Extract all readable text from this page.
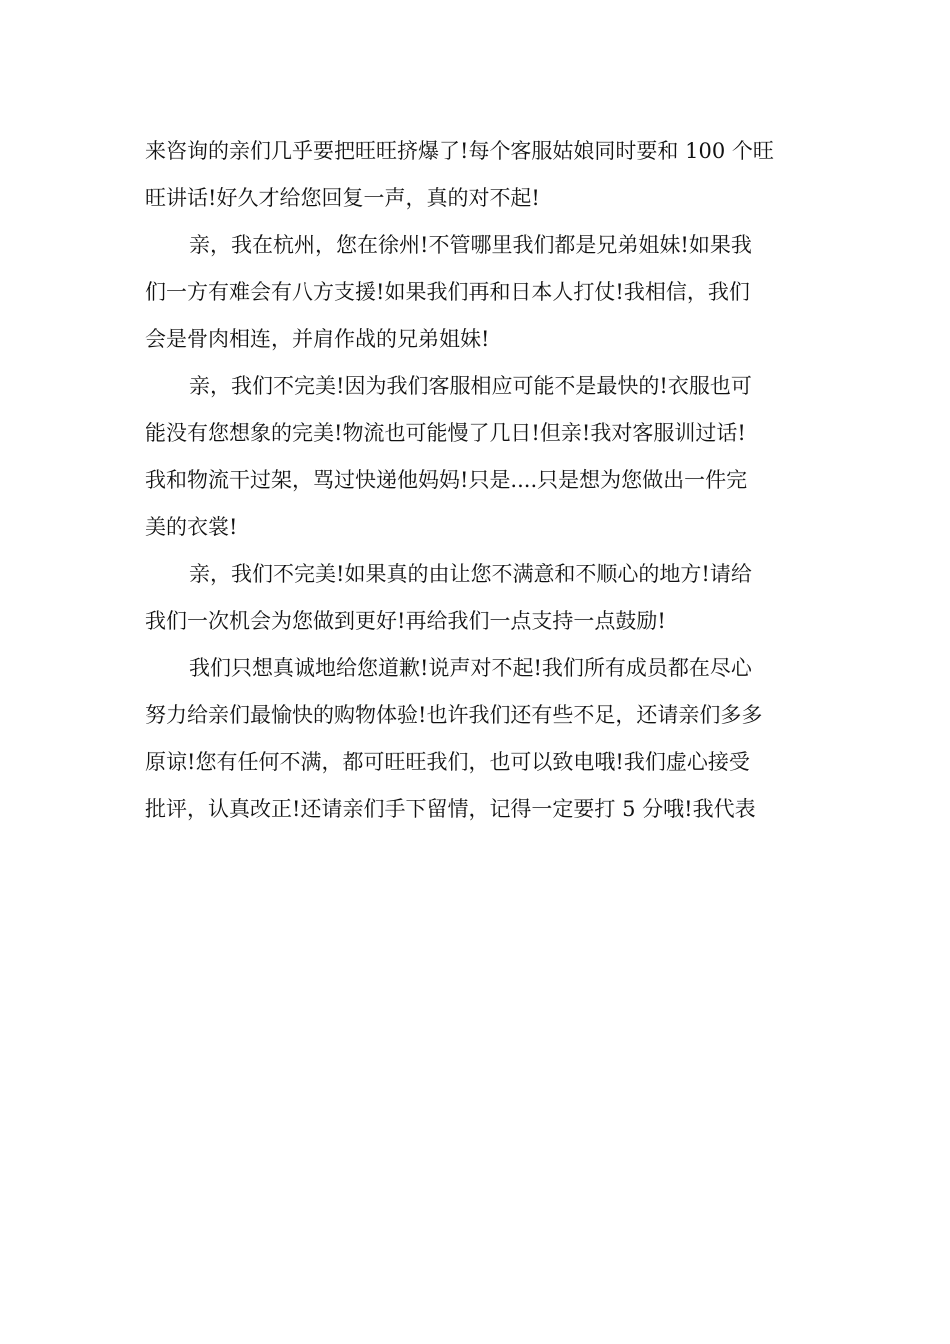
来咨询的亲们几乎要把旺旺挤爆了!每个客服姑娘同时要和 100 个旺
旺讲话!好久才给您回复一声，真的对不起!
亲，我在杭州，您在徐州!不管哪里我们都是兄弟姐妹!如果我
们一方有难会有八方支援!如果我们再和日本人打仗!我相信，我们
会是骨肉相连，并肩作战的兄弟姐妹!
亲，我们不完美!因为我们客服相应可能不是最快的!衣服也可
能没有您想象的完美!物流也可能慢了几日!但亲!我对客服训过话!
我和物流干过架，骂过快递他妈妈!只是....只是想为您做出一件完
美的衣裳!
亲，我们不完美!如果真的由让您不满意和不顺心的地方!请给
我们一次机会为您做到更好!再给我们一点支持一点鼓励!
我们只想真诚地给您道歉!说声对不起!我们所有成员都在尽心
努力给亲们最愉快的购物体验!也许我们还有些不足，还请亲们多多
原谅!您有任何不满，都可旺旺我们，也可以致电哦!我们虚心接受
批评，认真改正!还请亲们手下留情，记得一定要打 5 分哦!我代表
